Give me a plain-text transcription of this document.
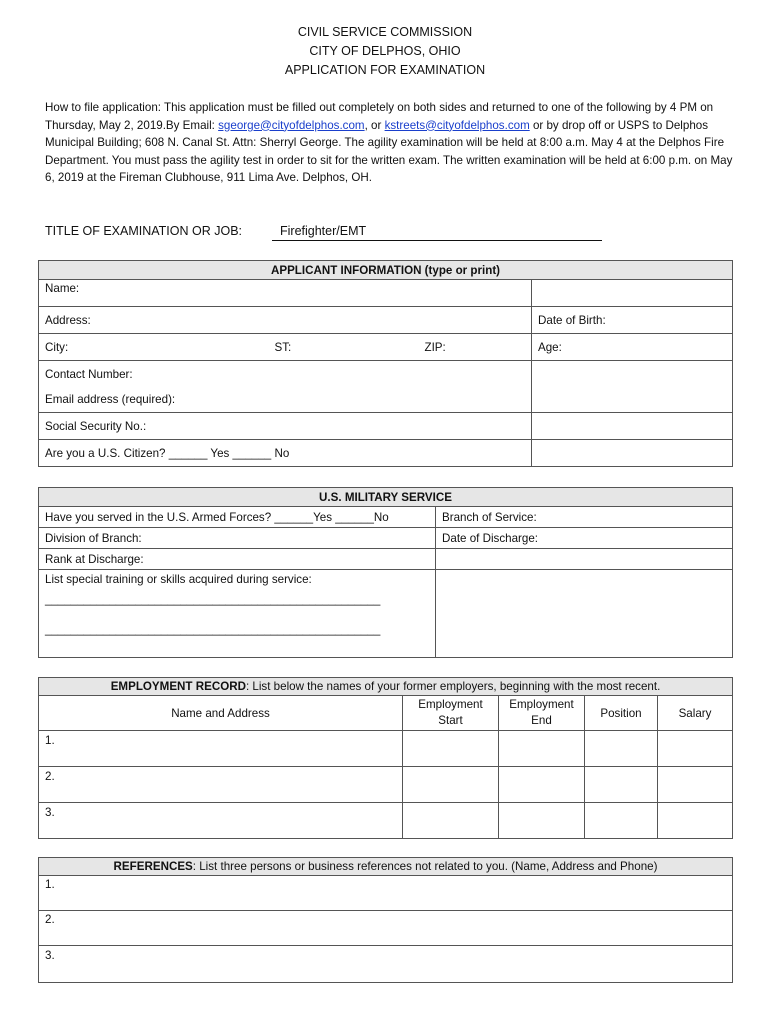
CIVIL SERVICE COMMISSION
CITY OF DELPHOS, OHIO
APPLICATION FOR EXAMINATION
How to file application: This application must be filled out completely on both sides and returned to one of the following by 4 PM on Thursday, May 2, 2019.By Email: sgeorge@cityofdelphos.com, or kstreets@cityofdelphos.com or by drop off or USPS to Delphos Municipal Building; 608 N. Canal St. Attn: Sherryl George. The agility examination will be held at 8:00 a.m. May 4 at the Delphos Fire Department. You must pass the agility test in order to sit for the written exam. The written examination will be held at 6:00 p.m. on May 6, 2019 at the Fireman Clubhouse, 911 Lima Ave. Delphos, OH.
TITLE OF EXAMINATION OR JOB:	Firefighter/EMT
APPLICANT INFORMATION (type or print)			
Name:			
Address:			Date of Birth:
City:	ST:	ZIP:	Age:
Contact Number:			
Email address (required):			
Social Security No.:			
Are you a U.S. Citizen? ______ Yes ______ No			
U.S. MILITARY SERVICE	
Have you served in the U.S. Armed Forces? ______Yes ______No	Branch of Service:
Division of Branch:	Date of Discharge:
Rank at Discharge:	

List special training or skills acquired during service:
____________________________________________________
____________________________________________________	

EMPLOYMENT RECORD: List below the names of your former employers, beginning with the most recent.				
Name and Address	Employment Start	Employment End	Position	Salary
1.				
2.				
3.				
REFERENCES: List three persons or business references not related to you. (Name, Address and Phone)
1.
2.
3.
